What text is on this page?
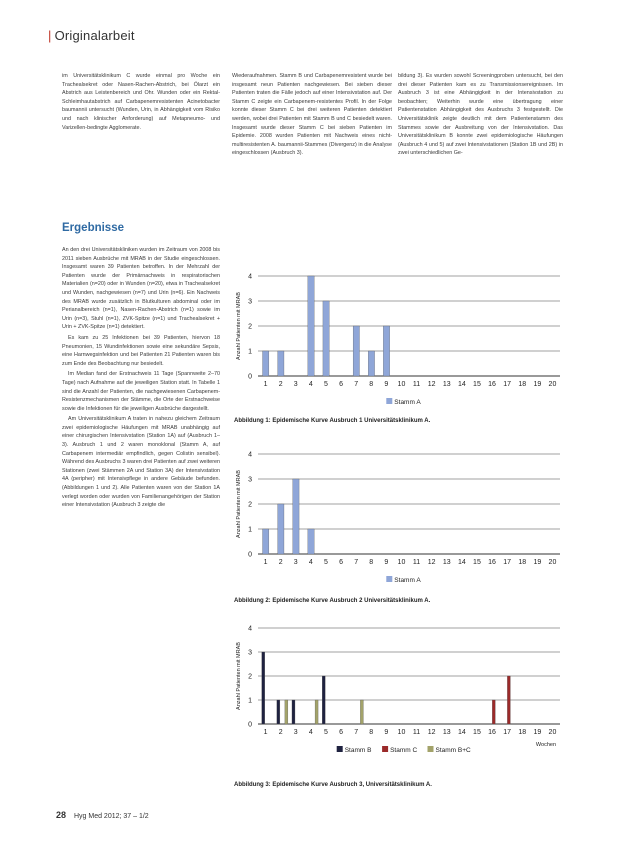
| Originalarbeit

im Universitätsklinikum C wurde einmal pro Woche ein Trachealsekret oder Nasen-Rachen-Abstrich, bei Ölarzt ein Abstrich aus Leistenbereich und Ohr. Wunden oder ein Rektal-Schleimhautabstrich auf Carbapenemresistenten Acinetobacter baumannii untersucht (Wunden, Urin, in Abhängigkeit vom Risiko und nach klinischer Anforderung) auf Metapneumo- und Varizellen-bedingte Agglomerate.

Ergebnisse

An den drei Universitätskliniken wurden im Zeitraum von 2008 bis 2011 sieben Ausbrüche mit MRAB in der Studie eingeschlossen. Insgesamt waren 39 Patienten betroffen. In der Mehrzahl der Patienten wurde der Primärnachweis in respiratorischen Materialien (n=20) oder in Wunden (n=20), etwa in Trachealsekret und Wunden, nachgewiesen (n=7) und Urin (n=6). Ein Nachweis des MRAB wurde zusätzlich in Blutkulturen abdominal oder im Perianalbereich (n=1), Nasen-Rachen-Abstrich (n=1) sowie im Urin (n=3), Stuhl (n=1), ZVK-Spitze (n=1) und Trachealsekret + Urin + ZVK-Spitze (n=1) detektiert.

Es kam zu 25 Infektionen bei 39 Patienten, hiervon 18 Pneumonien, 15 Wundinfektionen sowie eine sekundäre Sepsis, eine Harnwegsinfektion und bei Patienten 21 Patienten waren bis zum Ende des Beobachtung nur besiedelt.

Im Median fand der Erstnachweis 11 Tage (Spannweite 2–70 Tage) nach Aufnahme auf die jeweiligen Station statt. In Tabelle 1 sind die Anzahl der Patienten, die nachgewiesenen Carbapenem-Resistenzmechanismen der Stämme, die Orte der Erstnachweise sowie die Infektionen für die jeweiligen Ausbrüche dargestellt.

Am Universitätsklinikum A traten in nahezu gleichem Zeitraum zwei epidemiologische Häufungen mit MRAB unabhängig auf einer chirurgischen Intensivstation (Station 1A) auf (Ausbruch 1–3). Ausbruch 1 und 2 waren monoklonal (Stamm A, auf Carbapenem intermediär empfindlich, gegen Colistin sensibel). Während des Ausbruchs 3 waren drei Patienten auf zwei weiteren Stationen (zwei Stämmen 2A und Station 3A) der Intensivstation 4A (peripher) mit Intensivpflege in andere Gebäude befunden. (Abbildungen 1 und 2). Alle Patienten waren von der Station 1A verlegt worden oder wurden von Familienangehörigen der Station einer Intensivstation (Ausbruch 3 zeigte die

Wiederaufnahmen. Stamm B und Carbapenemresistent wurde bei insgesamt neun Patienten nachgewiesen. Bei sieben dieser Patienten traten die Fälle jedoch auf einer Intensivstation auf. Der Stamm C zeigte ein Carbapenem-resistentes Profil. In der Folge konnte dieser Stamm C bei drei weiteren Patienten detektiert werden, wobei drei Patienten mit Stamm B und C besiedelt waren. Insgesamt wurde dieser Stamm C bei sieben Patienten im Epidemie. 2008 wurden Patienten mit Nachweis eines nicht-multiresistenten A. baumannii-Stammes (Divergenz) in die Analyse eingeschlossen (Ausbruch 3).

bildung 3). Es wurden sowohl Screeningproben untersucht, bei den drei dieser Patienten kam es zu Transmissionsereignissen. Im Ausbruch 3 ist eine Abhängigkeit in der Intensivstation zu beobachten; Weiterhin wurde eine übertragung einer Patientenstation Abhängigkeit des Ausbruchs 3 festgestellt. Die Universitätsklinik zeigte deutlich mit dem Patientenstamm des Stammes sowie der Ausbreitung von der Intensivstation. Das Universitätsklinikum B konnte zwei epidemiologische Häufungen (Ausbruch 4 und 5) auf zwei Intensivstationen (Station 1B und 2B) in zwei unterschiedlichen Ge-

0
1
2
3
4
Anzahl Patienten mit MRAB
1 2 3 4 5 6 7 8 9 10 11 12 13 14 15 16 17 18 19 20
Stamm A
Abbildung 1: Epidemische Kurve Ausbruch 1 Universitätsklinikum A.
0
1
2
3
4
Anzahl Patienten mit MRAB
1 2 3 4 5 6 7 8 9 10 11 12 13 14 15 16 17 18 19 20
Stamm A
Abbildung 2: Epidemische Kurve Ausbruch 2 Universitätsklinikum A.
0
1
2
3
4
Anzahl Patienten mit MRAB
1 2 3 4 5 6 7 8 9 10 11 12 13 14 15 16 17 18 19 20
Wochen
Stamm B	Stamm C	Stamm B+C
Abbildung 3: Epidemische Kurve Ausbruch 3, Universitätsklinikum A.
28 Hyg Med 2012; 37 – 1/2
